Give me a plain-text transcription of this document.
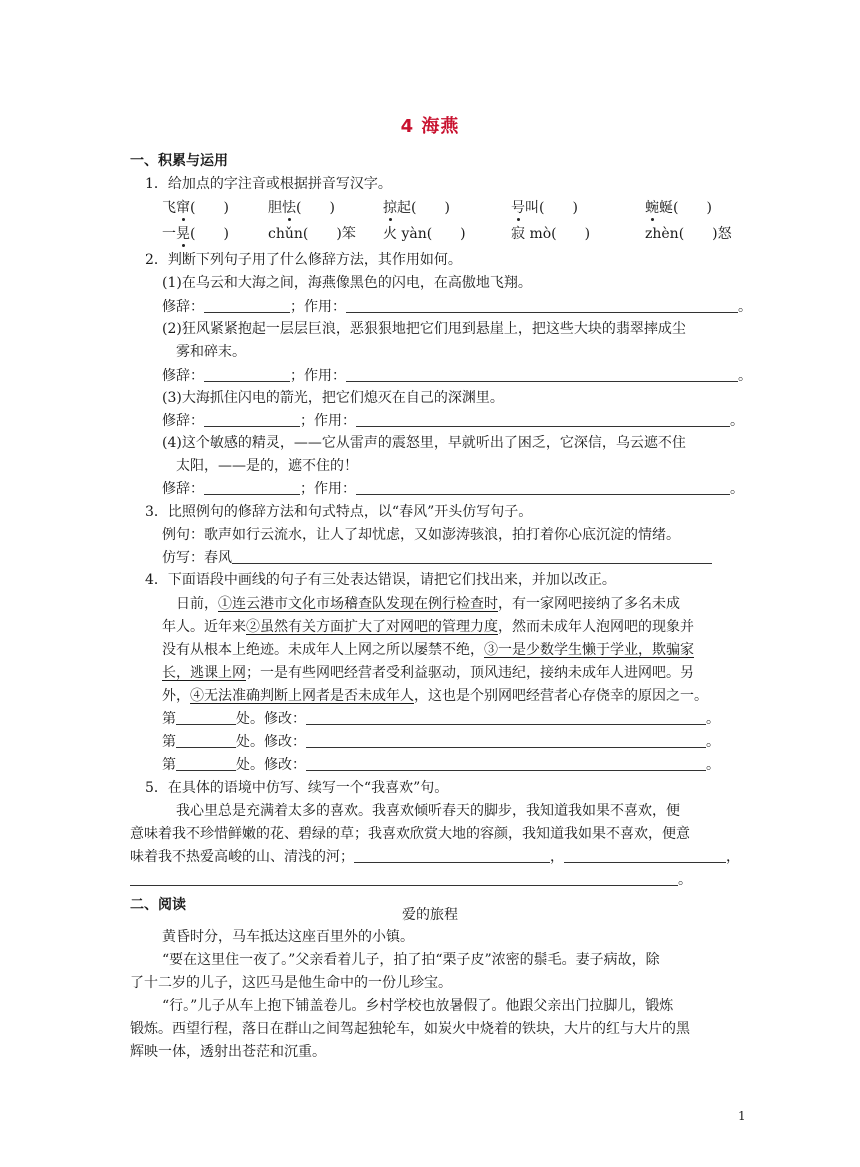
4 海燕
一、积累与运用
1．给加点的字注音或根据拼音写汉字。
飞窜(　　)	胆怯(　　)	掠起(　　)	号叫(　　)	蜿蜒(　　)
一晃(　　)	chǔn(　　)笨 火 yàn(　　)	寂 mò(　　)	zhèn(　　)怒
2．判断下列句子用了什么修辞方法，其作用如何。
(1)在乌云和大海之间，海燕像黑色的闪电，在高傲地飞翔。
修辞：	；作用：	。
(2)狂风紧紧抱起一层层巨浪，恶狠狠地把它们甩到悬崖上，把这些大块的翡翠摔成尘
雾和碎末。
修辞：	；作用：	。
(3)大海抓住闪电的箭光，把它们熄灭在自己的深渊里。
修辞：	；作用：	。
(4)这个敏感的精灵，——它从雷声的震怒里，早就听出了困乏，它深信，乌云遮不住
太阳，——是的，遮不住的！
修辞：	；作用：	。
3．比照例句的修辞方法和句式特点，以“春风”开头仿写句子。
例句：歌声如行云流水，让人了却忧虑，又如澎涛骇浪，拍打着你心底沉淀的情绪。
仿写：春风
4．下面语段中画线的句子有三处表达错误，请把它们找出来，并加以改正。
日前，①连云港市文化市场稽查队发现在例行检查时，有一家网吧接纳了多名未成
年人。近年来②虽然有关方面扩大了对网吧的管理力度，然而未成年人泡网吧的现象并
没有从根本上绝迹。未成年人上网之所以屡禁不绝，③一是少数学生懒于学业，欺骗家
长，逃课上网；一是有些网吧经营者受利益驱动，顶风违纪，接纳未成年人进网吧。另
外，④无法准确判断上网者是否未成年人，这也是个别网吧经营者心存侥幸的原因之一。
第	处。修改：	。
第	处。修改：	。
第	处。修改：	。
5．在具体的语境中仿写、续写一个“我喜欢”句。
我心里总是充满着太多的喜欢。我喜欢倾听春天的脚步，我知道我如果不喜欢，便
意味着我不珍惜鲜嫩的花、碧绿的草；我喜欢欣赏大地的容颜，我知道我如果不喜欢，便意
味着我不热爱高峻的山、清浅的河；	，	，
。
二、阅读
爱的旅程
黄昏时分，马车抵达这座百里外的小镇。
“要在这里住一夜了。”父亲看着儿子，拍了拍“栗子皮”浓密的鬃毛。妻子病故，除
了十二岁的儿子，这匹马是他生命中的一份儿珍宝。
“行。”儿子从车上抱下铺盖卷儿。乡村学校也放暑假了。他跟父亲出门拉脚儿，锻炼
锻炼。西望行程，落日在群山之间驾起独轮车，如炭火中烧着的铁块，大片的红与大片的黑
辉映一体，透射出苍茫和沉重。
1
